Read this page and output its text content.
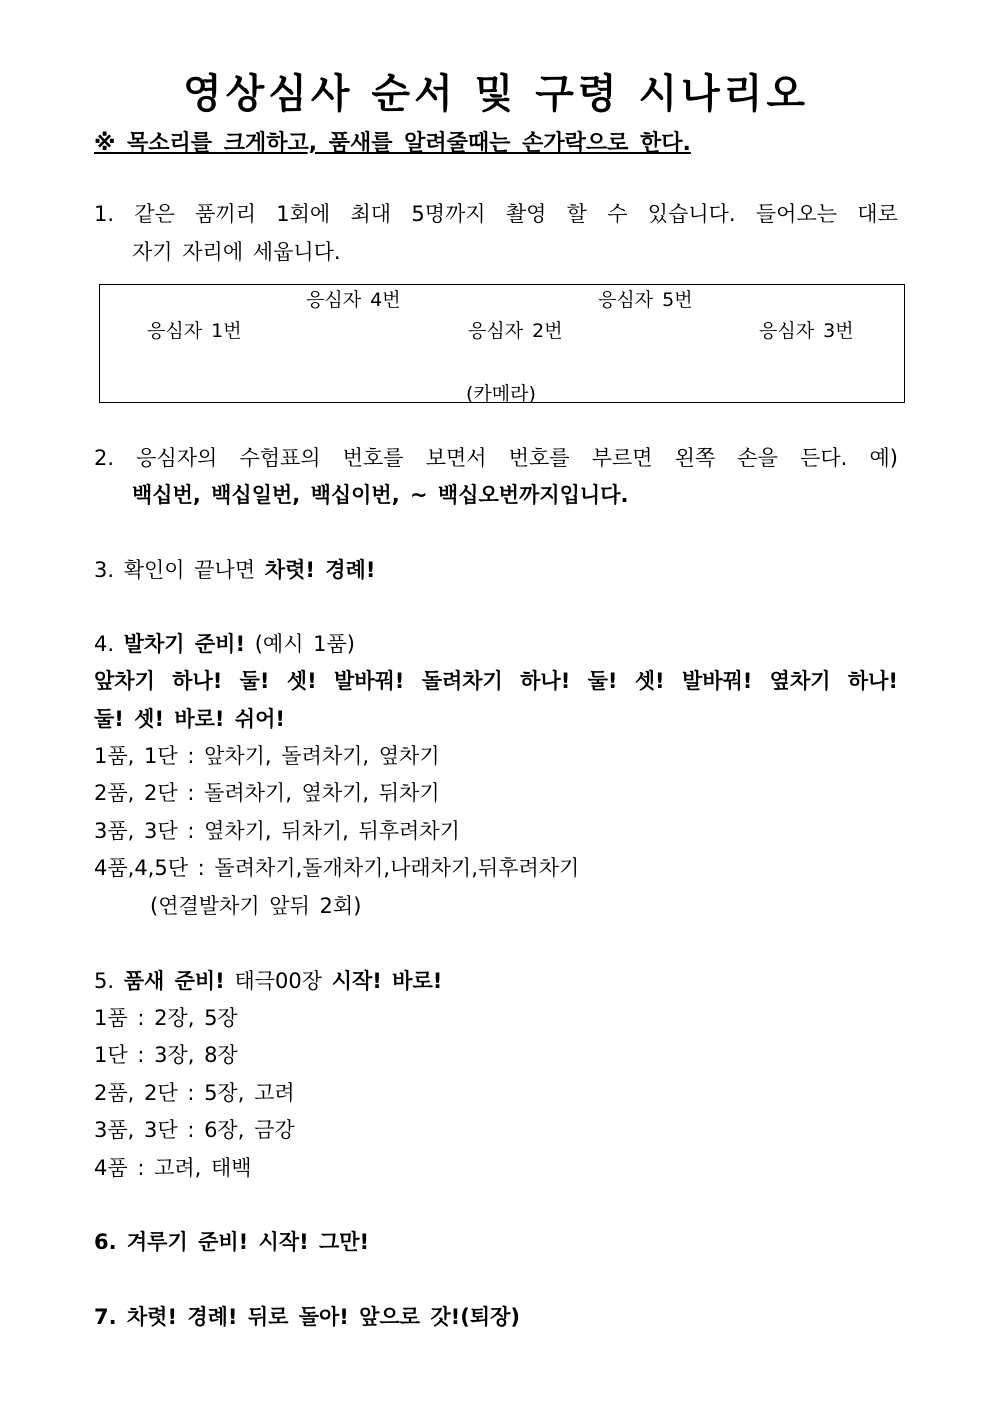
영상심사 순서 및 구령 시나리오
※ 목소리를 크게하고, 품새를 알려줄때는 손가락으로 한다.
1. 같은 품끼리 1회에 최대 5명까지 촬영 할 수 있습니다. 들어오는 대로
자기 자리에 세웁니다.
응심자 4번	응심자 5번
응심자 1번	응심자 2번	응심자 3번
(카메라)
2. 응심자의 수험표의 번호를 보면서 번호를 부르면 왼쪽 손을 든다. 예)
백십번, 백십일번, 백십이번, ~ 백십오번까지입니다.
3. 확인이 끝나면 차렷! 경례!
4. 발차기 준비! (예시 1품)
앞차기 하나! 둘! 셋! 발바꿔! 돌려차기 하나! 둘! 셋! 발바꿔! 옆차기 하나!
둘! 셋! 바로! 쉬어!
1품, 1단 : 앞차기, 돌려차기, 옆차기
2품, 2단 : 돌려차기, 옆차기, 뒤차기
3품, 3단 : 옆차기, 뒤차기, 뒤후려차기
4품,4,5단 : 돌려차기,돌개차기,나래차기,뒤후려차기
(연결발차기 앞뒤 2회)
5. 품새 준비! 태극00장 시작! 바로!
1품 : 2장, 5장
1단 : 3장, 8장
2품, 2단 : 5장, 고려
3품, 3단 : 6장, 금강
4품 : 고려, 태백
6. 겨루기 준비! 시작! 그만!
7. 차렷! 경례! 뒤로 돌아! 앞으로 갓!(퇴장)
